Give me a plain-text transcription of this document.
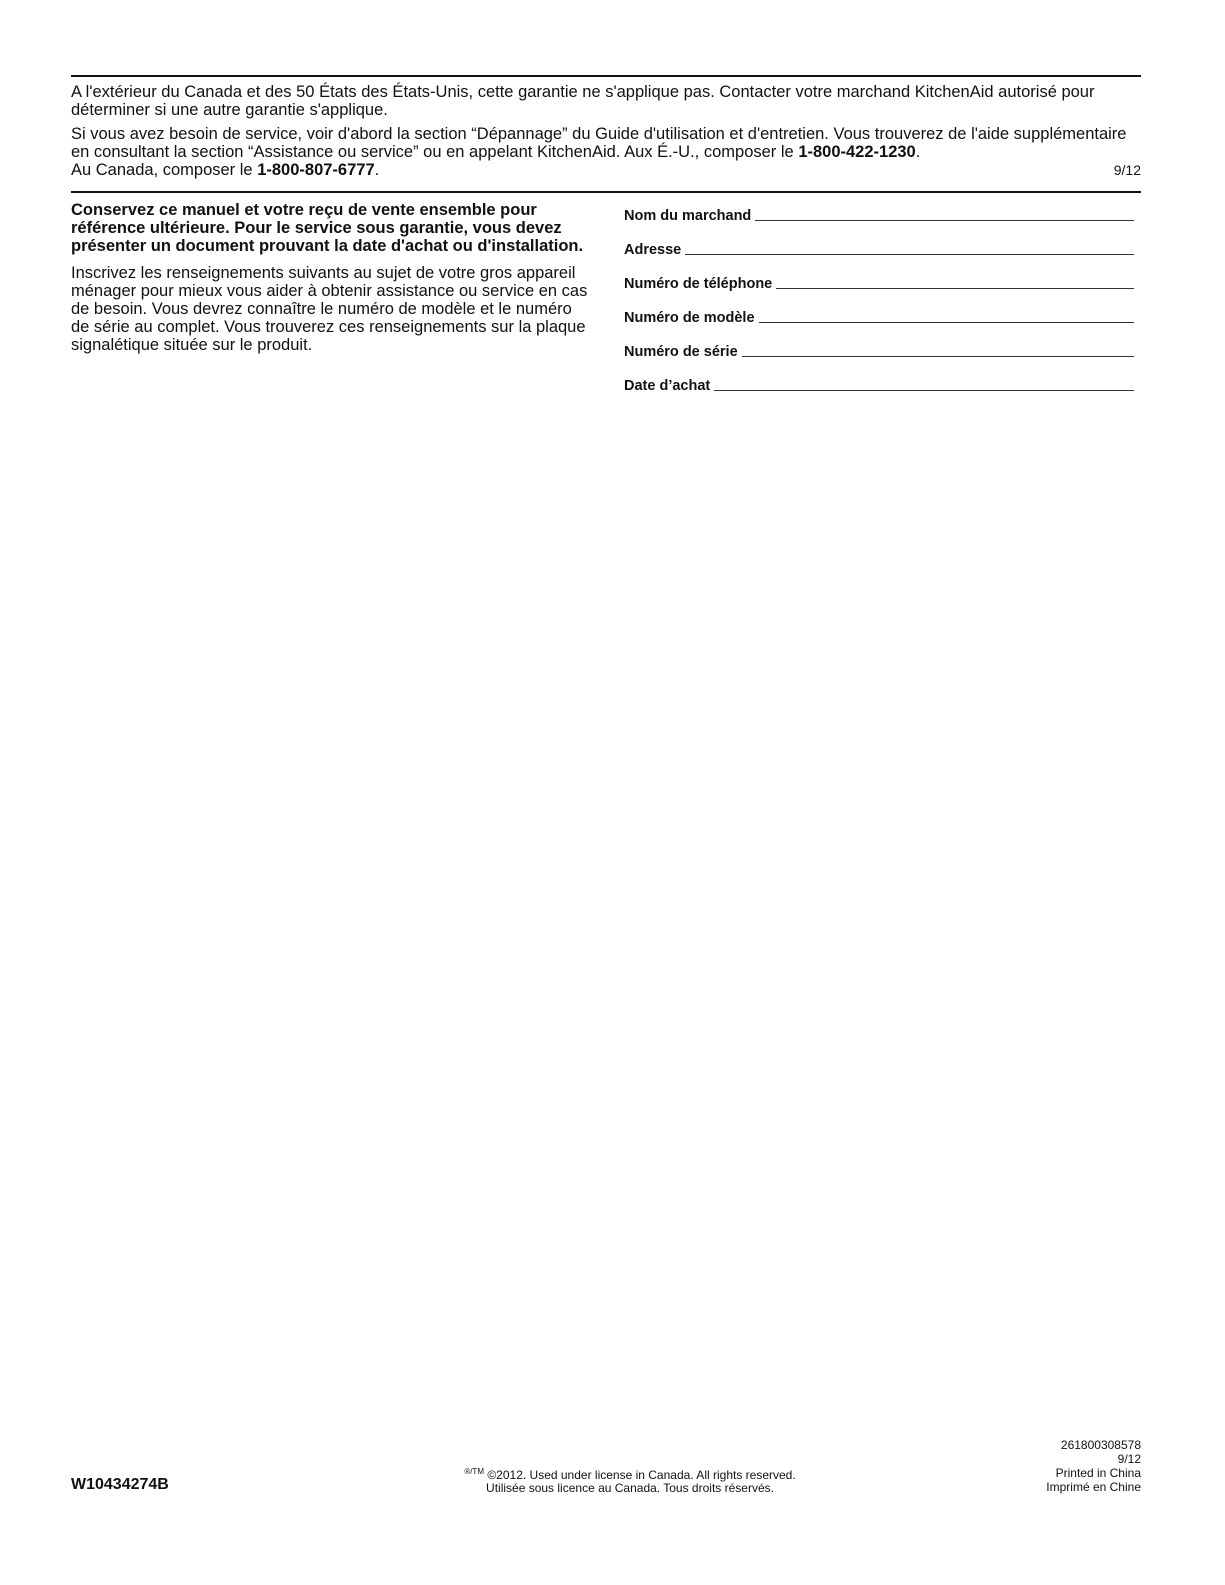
A l'extérieur du Canada et des 50 États des États-Unis, cette garantie ne s'applique pas. Contacter votre marchand KitchenAid autorisé pour déterminer si une autre garantie s'applique.

Si vous avez besoin de service, voir d'abord la section “Dépannage” du Guide d'utilisation et d'entretien. Vous trouverez de l'aide supplémentaire en consultant la section “Assistance ou service” ou en appelant KitchenAid. Aux É.-U., composer le 1-800-422-1230.

Au Canada, composer le 1-800-807-6777.	9/12

Conservez ce manuel et votre reçu de vente ensemble pour référence ultérieure. Pour le service sous garantie, vous devez présenter un document prouvant la date d'achat ou d'installation.

Inscrivez les renseignements suivants au sujet de votre gros appareil ménager pour mieux vous aider à obtenir assistance ou service en cas de besoin. Vous devrez connaître le numéro de modèle et le numéro de série au complet. Vous trouverez ces renseignements sur la plaque signalétique située sur le produit.

Nom du marchand
Adresse
Numéro de téléphone
Numéro de modèle
Numéro de série
Date d’achat
W10434274B
$^{®/TM}$ ©2012. Used under license in Canada. All rights reserved.
Utilisée sous licence au Canada. Tous droits réservés.
261800308578
9/12
Printed in China
Imprimé en Chine
